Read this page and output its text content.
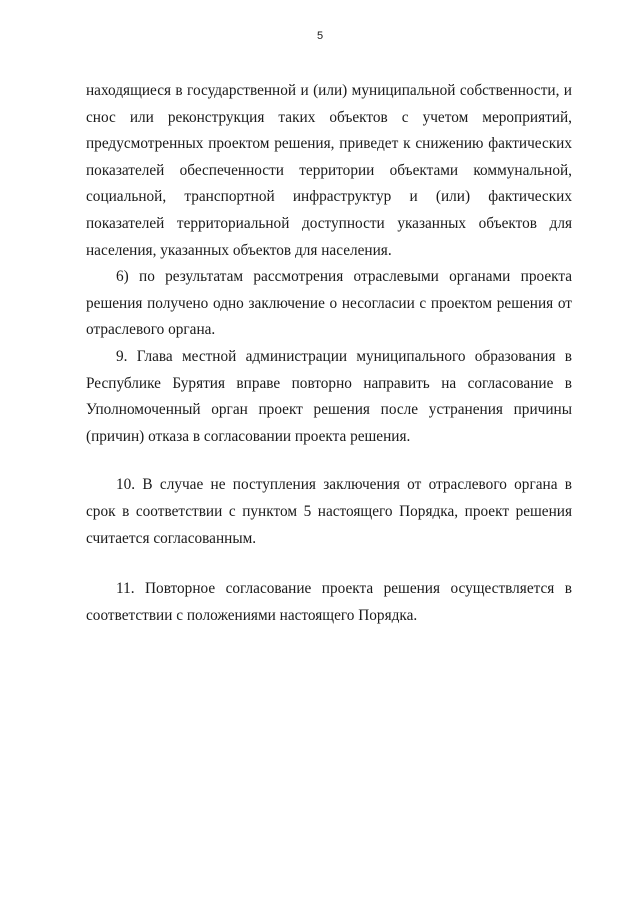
5

находящиеся в государственной и (или) муниципальной собственности, и снос или реконструкция таких объектов с учетом мероприятий, предусмотренных проектом решения, приведет к снижению фактических показателей обеспеченности территории объектами коммунальной, социальной, транспортной инфраструктур и (или) фактических показателей территориальной доступности указанных объектов для населения, указанных объектов для населения.

6) по результатам рассмотрения отраслевыми органами проекта решения получено одно заключение о несогласии с проектом решения от отраслевого органа.

9. Глава местной администрации муниципального образования в Республике Бурятия вправе повторно направить на согласование в Уполномоченный орган проект решения после устранения причины (причин) отказа в согласовании проекта решения.

10. В случае не поступления заключения от отраслевого органа в срок в соответствии с пунктом 5 настоящего Порядка, проект решения считается согласованным.

11. Повторное согласование проекта решения осуществляется в соответствии с положениями настоящего Порядка.
